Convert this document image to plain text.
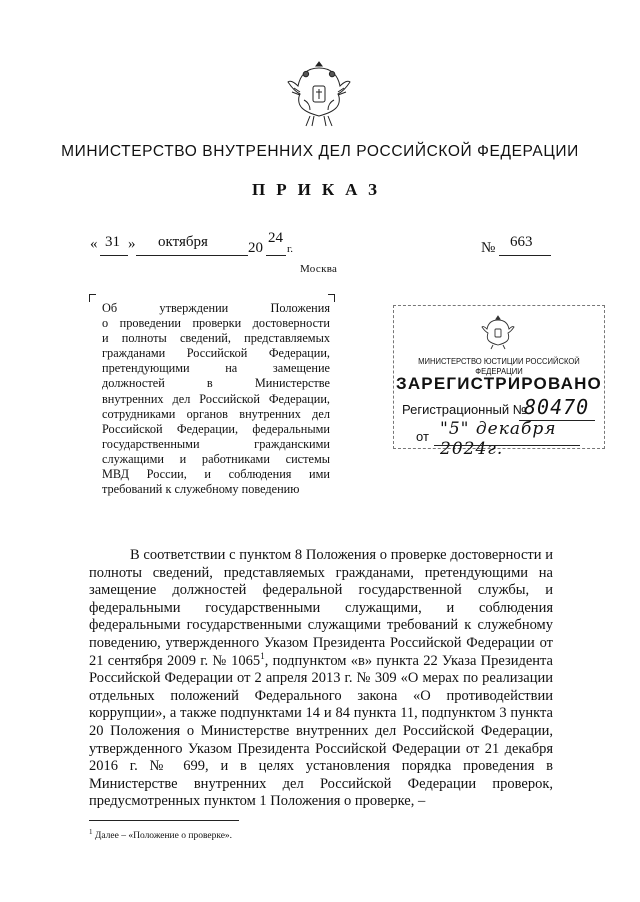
МИНИСТЕРСТВО ВНУТРЕННИХ ДЕЛ РОССИЙСКОЙ ФЕДЕРАЦИИ
ПРИКАЗ
« 31 » октября	20
24
г.	№ 663
Москва
Об утверждении Положения
о проведении проверки достоверности
и полноты сведений, представляемых
гражданами Российской Федерации,
претендующими на замещение
должностей в Министерстве
внутренних дел Российской Федерации,
сотрудниками органов внутренних дел
Российской Федерации, федеральными
государственными гражданскими
служащими и работниками системы
МВД России, и соблюдения ими
требований к служебному поведению
МИНИСТЕРСТВО ЮСТИЦИИ РОССИЙСКОЙ ФЕДЕРАЦИИ
ЗАРЕГИСТРИРОВАНО
Регистрационный №
80470
от "5" декабря 2024г.
В соответствии с пунктом 8 Положения о проверке достоверности и полноты сведений, представляемых гражданами, претендующими на замещение должностей федеральной государственной службы, и федеральными государственными служащими, и соблюдения федеральными государственными служащими требований к служебному поведению, утвержденного Указом Президента Российской Федерации от 21 сентября 2009 г. № 1065$^1$, подпунктом «в» пункта 22 Указа Президента Российской Федерации от 2 апреля 2013 г. № 309 «О мерах по реализации отдельных положений Федерального закона «О противодействии коррупции», а также подпунктами 14 и 84 пункта 11, подпунктом 3 пункта 20 Положения о Министерстве внутренних дел Российской Федерации, утвержденного Указом Президента Российской Федерации от 21 декабря 2016 г. № 699, и в целях установления порядка проведения в Министерстве внутренних дел Российской Федерации проверок, предусмотренных пунктом 1 Положения о проверке, –
$^1$ Далее – «Положение о проверке».
